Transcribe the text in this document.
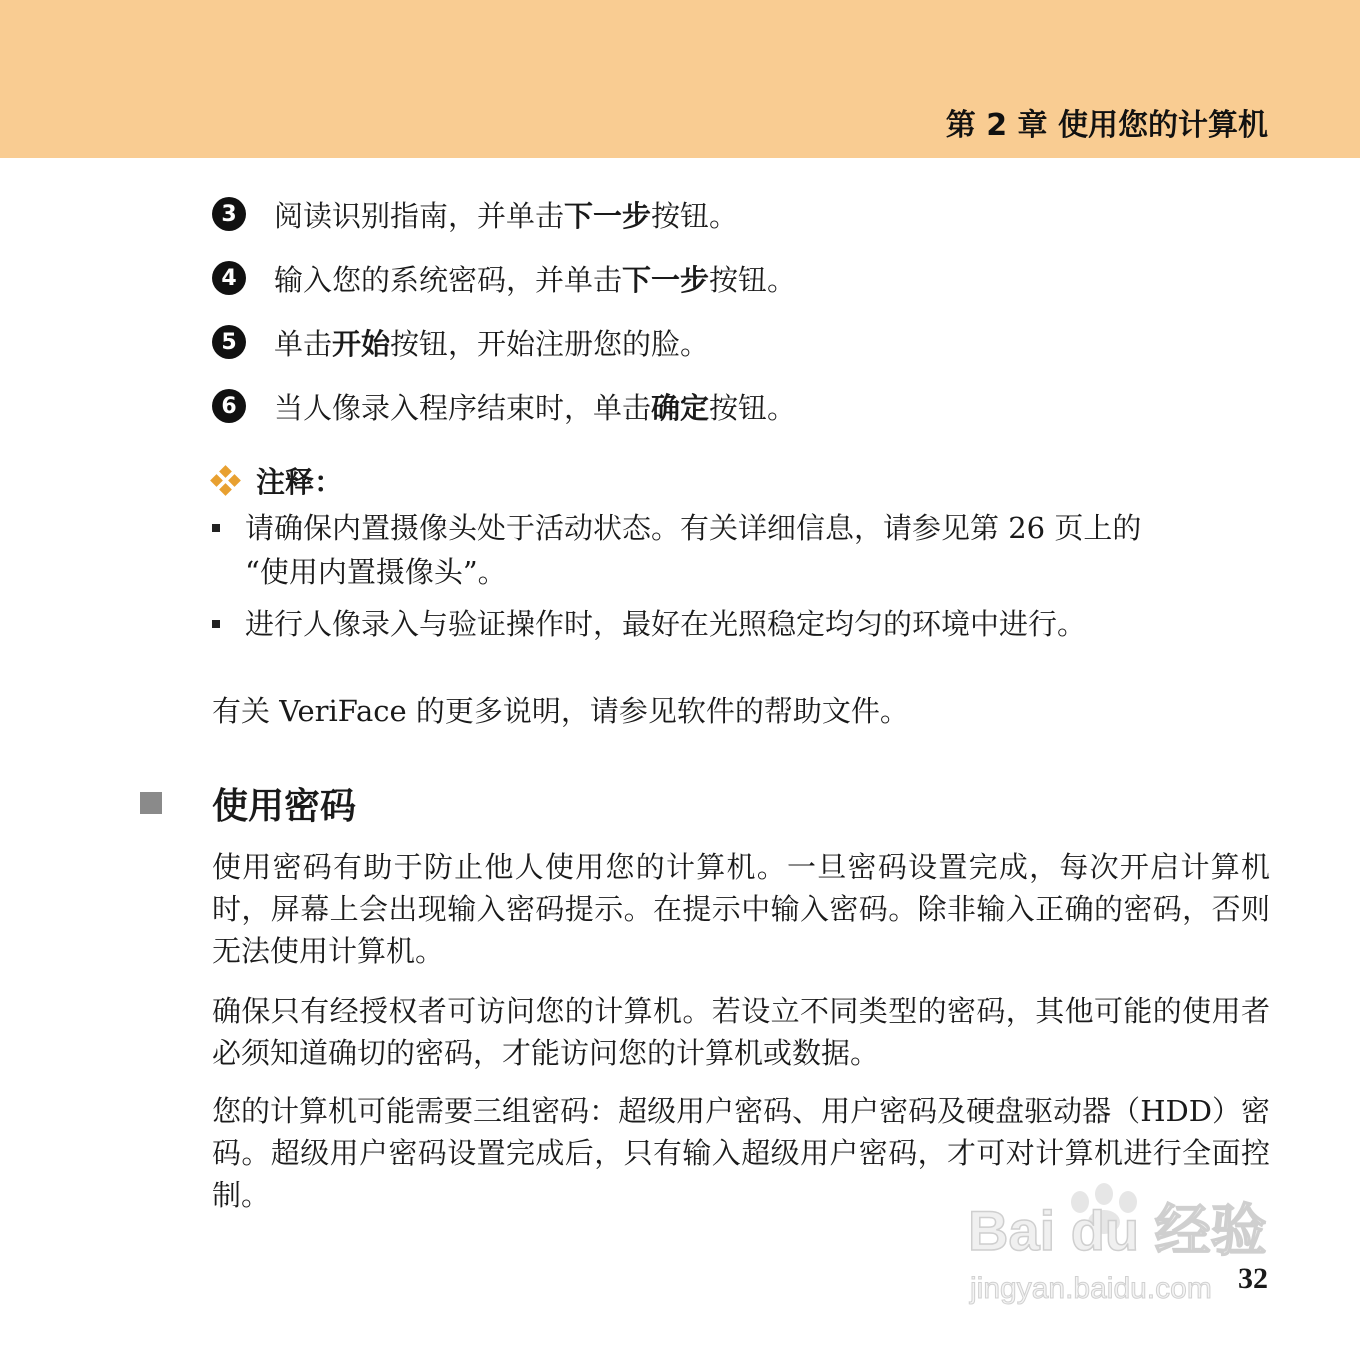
第 2 章 使用您的计算机
3	阅读识别指南，并单击下一步按钮。
4	输入您的系统密码，并单击下一步按钮。
5	单击开始按钮，开始注册您的脸。
6	当人像录入程序结束时，单击确定按钮。
注释：
请确保内置摄像头处于活动状态。有关详细信息，请参见第 26 页上的
“使用内置摄像头”。
进行人像录入与验证操作时，最好在光照稳定均匀的环境中进行。
有关 VeriFace 的更多说明，请参见软件的帮助文件。
使用密码
使用密码有助于防止他人使用您的计算机。一旦密码设置完成，每次开启计算机时，屏幕上会出现输入密码提示。在提示中输入密码。除非输入正确的密码，否则无法使用计算机。
确保只有经授权者可访问您的计算机。若设立不同类型的密码，其他可能的使用者必须知道确切的密码，才能访问您的计算机或数据。
您的计算机可能需要三组密码：超级用户密码、用户密码及硬盘驱动器（HDD）密码。超级用户密码设置完成后，只有输入超级用户密码，才可对计算机进行全面控制。
Bai du 经验
jingyan.baidu.com 32
